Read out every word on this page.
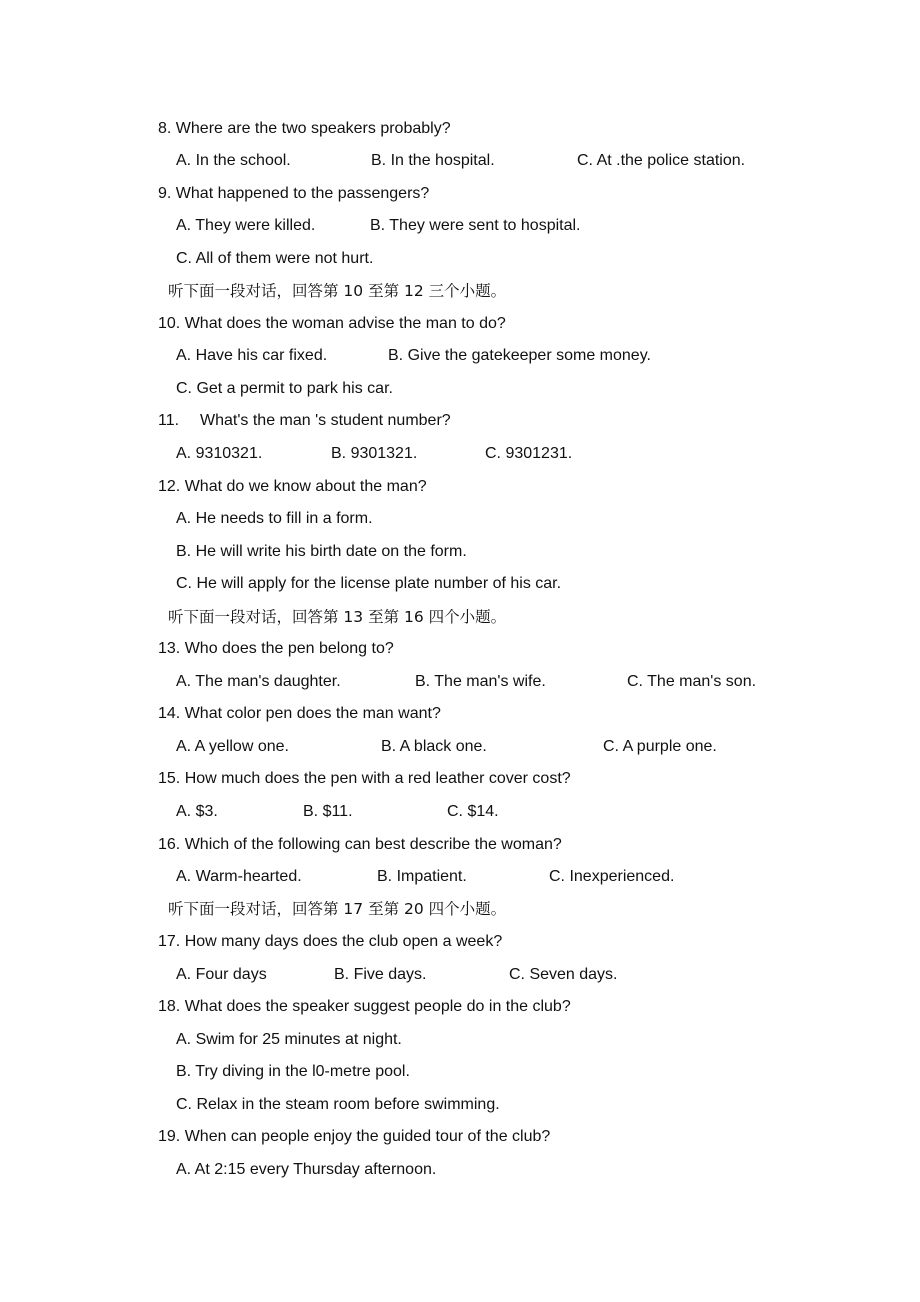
8. Where are the two speakers probably?
A. In the school.	B. In the hospital.	C. At .the police station.
9. What happened to the passengers?
A. They were killed.	B. They were sent to hospital.
C. All of them were not hurt.
听下面一段对话，回答第 10 至第 12 三个小题。
10. What does the woman advise the man to do?
A. Have his car fixed.	B. Give the gatekeeper some money.
C. Get a permit to park his car.
11. What's the man 's student number?
A. 9310321.	B. 9301321.	C. 9301231.
12. What do we know about the man?
A. He needs to fill in a form.
B. He will write his birth date on the form.
C. He will apply for the license plate number of his car.
听下面一段对话，回答第 13 至第 16 四个小题。
13. Who does the pen belong to?
A. The man's daughter.	B. The man's wife.	C. The man's son.
14. What color pen does the man want?
A. A yellow one.	B. A black one.	C. A purple one.
15. How much does the pen with a red leather cover cost?
A. $3.	B. $11.	C. $14.
16. Which of the following can best describe the woman?
A. Warm-hearted.	B. Impatient.	C. Inexperienced.
听下面一段对话，回答第 17 至第 20 四个小题。
17. How many days does the club open a week?
A. Four days	B. Five days.	C. Seven days.
18. What does the speaker suggest people do in the club?
A. Swim for 25 minutes at night.
B. Try diving in the l0-metre pool.
C. Relax in the steam room before swimming.
19. When can people enjoy the guided tour of the club?
A. At 2:15 every Thursday afternoon.
